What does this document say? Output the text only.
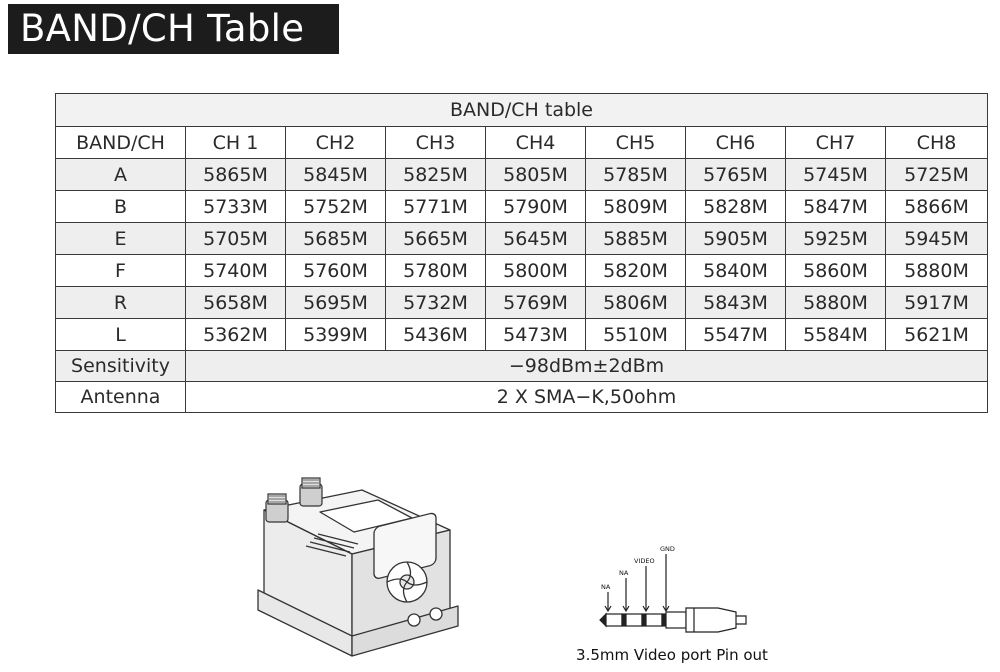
BAND/CH Table
BAND/CH table								
BAND/CH	CH 1	CH2	CH3	CH4	CH5	CH6	CH7	CH8
A	5865M	5845M	5825M	5805M	5785M	5765M	5745M	5725M
B	5733M	5752M	5771M	5790M	5809M	5828M	5847M	5866M
E	5705M	5685M	5665M	5645M	5885M	5905M	5925M	5945M
F	5740M	5760M	5780M	5800M	5820M	5840M	5860M	5880M
R	5658M	5695M	5732M	5769M	5806M	5843M	5880M	5917M
L	5362M	5399M	5436M	5473M	5510M	5547M	5584M	5621M
Sensitivity	−98dBm±2dBm							
Antenna	2 X SMA−K,50ohm							
NA
NA
VIDEO
GND
3.5mm Video port Pin out
